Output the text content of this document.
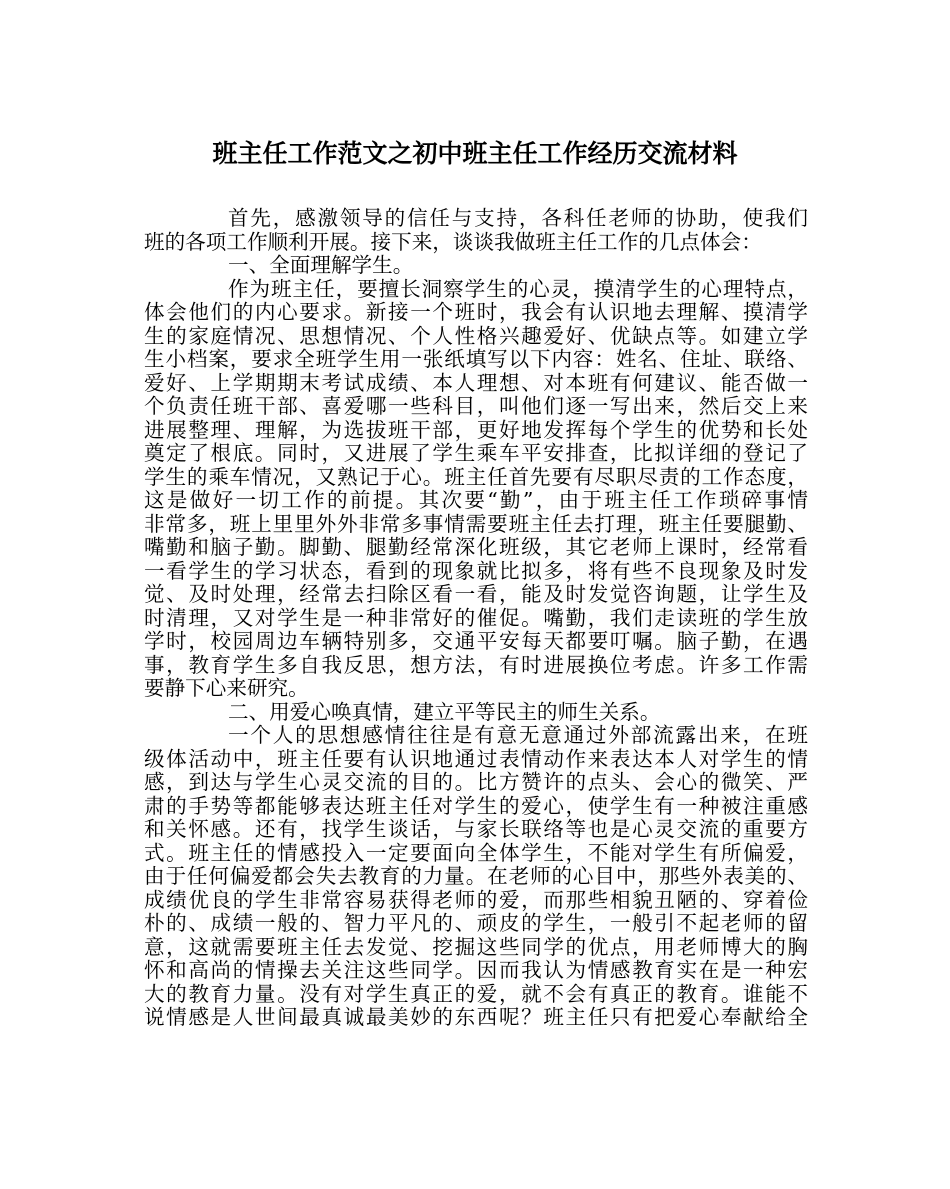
班主任工作范文之初中班主任工作经历交流材料
首先，感激领导的信任与支持，各科任老师的协助，使我们
班的各项工作顺利开展。接下来，谈谈我做班主任工作的几点体会：
一、全面理解学生。
作为班主任，要擅长洞察学生的心灵，摸清学生的心理特点，
体会他们的内心要求。新接一个班时，我会有认识地去理解、摸清学
生的家庭情况、思想情况、个人性格兴趣爱好、优缺点等。如建立学
生小档案，要求全班学生用一张纸填写以下内容：姓名、住址、联络、
爱好、上学期期末考试成绩、本人理想、对本班有何建议、能否做一
个负责任班干部、喜爱哪一些科目，叫他们逐一写出来，然后交上来
进展整理、理解，为选拔班干部，更好地发挥每个学生的优势和长处
奠定了根底。同时，又进展了学生乘车平安排查，比拟详细的登记了
学生的乘车情况，又熟记于心。班主任首先要有尽职尽责的工作态度，
这是做好一切工作的前提。其次要“勤”，由于班主任工作琐碎事情
非常多，班上里里外外非常多事情需要班主任去打理，班主任要腿勤、
嘴勤和脑子勤。脚勤、腿勤经常深化班级，其它老师上课时，经常看
一看学生的学习状态，看到的现象就比拟多，将有些不良现象及时发
觉、及时处理，经常去扫除区看一看，能及时发觉咨询题，让学生及
时清理，又对学生是一种非常好的催促。嘴勤，我们走读班的学生放
学时，校园周边车辆特别多，交通平安每天都要叮嘱。脑子勤，在遇
事，教育学生多自我反思，想方法，有时进展换位考虑。许多工作需
要静下心来研究。
二、用爱心唤真情，建立平等民主的师生关系。
一个人的思想感情往往是有意无意通过外部流露出来，在班
级体活动中，班主任要有认识地通过表情动作来表达本人对学生的情
感，到达与学生心灵交流的目的。比方赞许的点头、会心的微笑、严
肃的手势等都能够表达班主任对学生的爱心，使学生有一种被注重感
和关怀感。还有，找学生谈话，与家长联络等也是心灵交流的重要方
式。班主任的情感投入一定要面向全体学生，不能对学生有所偏爱，
由于任何偏爱都会失去教育的力量。在老师的心目中，那些外表美的、
成绩优良的学生非常容易获得老师的爱，而那些相貌丑陋的、穿着俭
朴的、成绩一般的、智力平凡的、顽皮的学生，一般引不起老师的留
意，这就需要班主任去发觉、挖掘这些同学的优点，用老师博大的胸
怀和高尚的情操去关注这些同学。因而我认为情感教育实在是一种宏
大的教育力量。没有对学生真正的爱，就不会有真正的教育。谁能不
说情感是人世间最真诚最美妙的东西呢？班主任只有把爱心奉献给全
